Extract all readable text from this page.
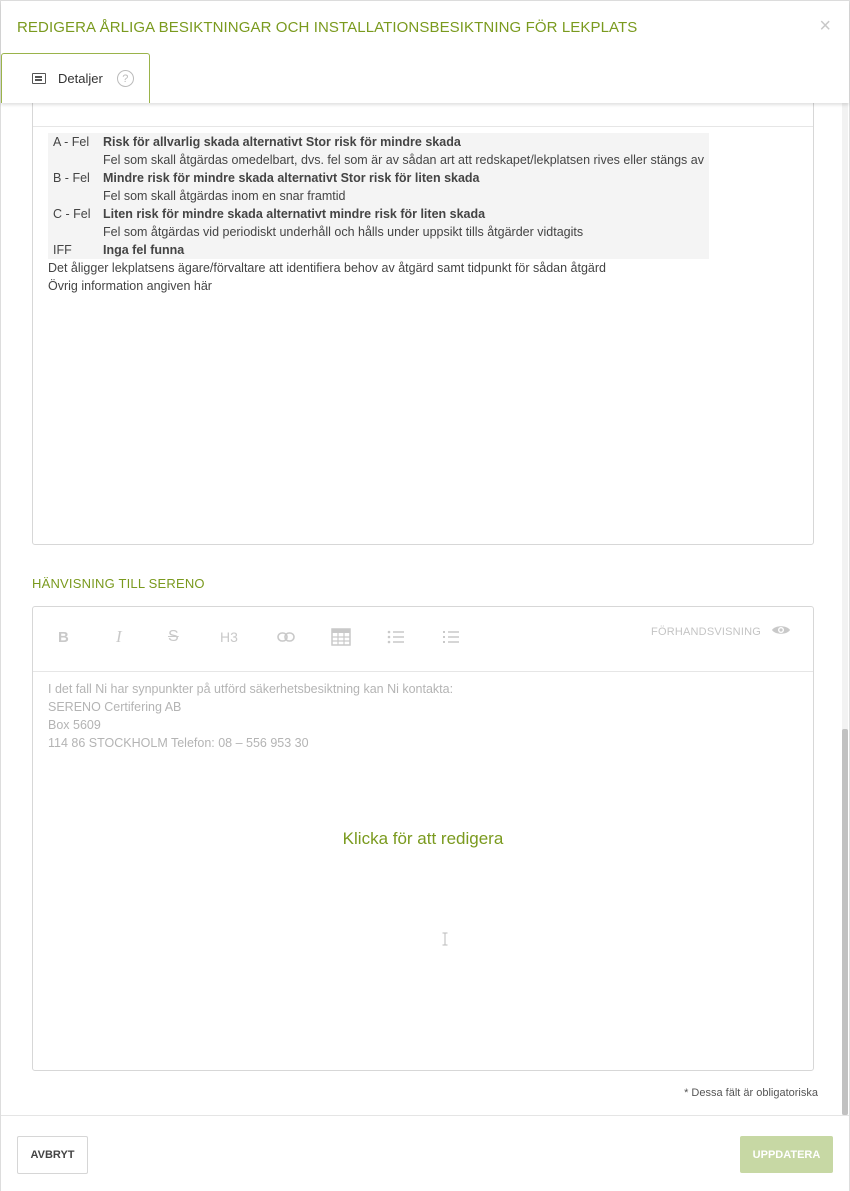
A - Fel	Risk för allvarlig skada alternativt Stor risk för mindre skada
	Fel som skall åtgärdas omedelbart, dvs. fel som är av sådan art att redskapet/lekplatsen rives eller stängs av
B - Fel	Mindre risk för mindre skada alternativt Stor risk för liten skada
	Fel som skall åtgärdas inom en snar framtid
C - Fel	Liten risk för mindre skada alternativt mindre risk för liten skada
	Fel som åtgärdas vid periodiskt underhåll och hålls under uppsikt tills åtgärder vidtagits
IFF	Inga fel funna
Det åligger lekplatsens ägare/förvaltare att identifiera behov av åtgärd samt tidpunkt för sådan åtgärd
Övrig information angiven här
HÄNVISNING TILL SERENO
B	I	S	H3	FÖRHANDSVISNING
I det fall Ni har synpunkter på utförd säkerhetsbesiktning kan Ni kontakta:
SERENO Certifering AB
Box 5609
114 86 STOCKHOLM Telefon: 08 – 556 953 30
Klicka för att redigera
* Dessa fält är obligatoriska
REDIGERA ÅRLIGA BESIKTNINGAR OCH INSTALLATIONSBESIKTNING FÖR LEKPLATS	×
Detaljer	?
AVBRYT	UPPDATERA
